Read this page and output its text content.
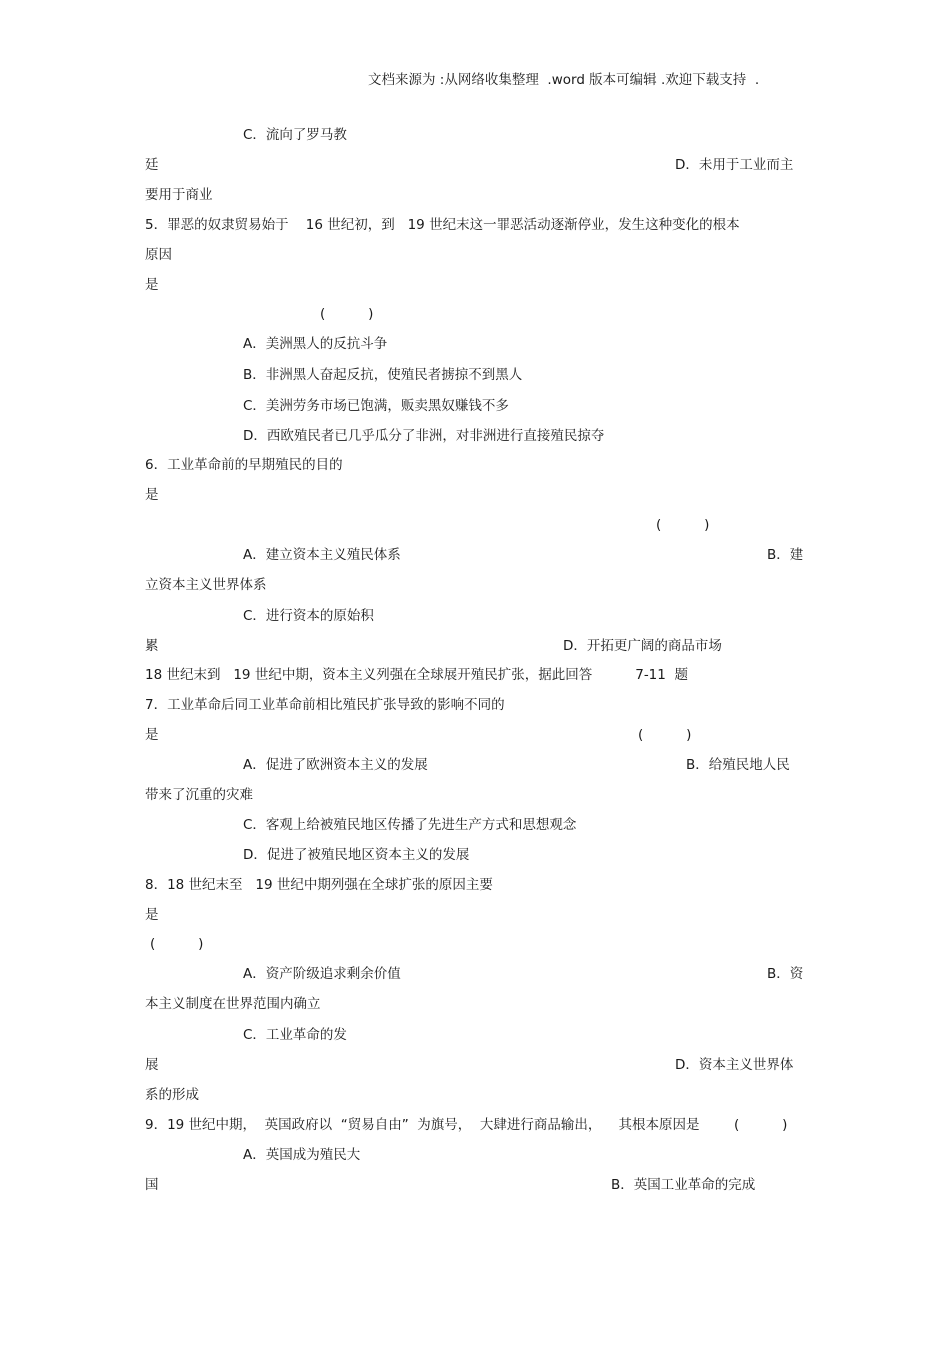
文档来源为 :从网络收集整理  .word 版本可编辑 .欢迎下载支持  .
C．流向了罗马教
廷	D．未用于工业而主
要用于商业
5．罪恶的奴隶贸易始于    16 世纪初，到   19 世纪末这一罪恶活动逐渐停业，发生这种变化的根本
原因
是
(          )
A．美洲黑人的反抗斗争
B．非洲黑人奋起反抗，使殖民者掳掠不到黑人
C．美洲劳务市场已饱满，贩卖黑奴赚钱不多
D．西欧殖民者已几乎瓜分了非洲，对非洲进行直接殖民掠夺
6．工业革命前的早期殖民的目的
是
(          )
A．建立资本主义殖民体系	B．建
立资本主义世界体系
C．进行资本的原始积
累	D．开拓更广阔的商品市场
18 世纪末到   19 世纪中期，资本主义列强在全球展开殖民扩张，据此回答          7-11  题
7．工业革命后同工业革命前相比殖民扩张导致的影响不同的
是	(          )
A．促进了欧洲资本主义的发展	B．给殖民地人民
带来了沉重的灾难
C．客观上给被殖民地区传播了先进生产方式和思想观念
D．促进了被殖民地区资本主义的发展
8．18 世纪末至   19 世纪中期列强在全球扩张的原因主要
是
(          )
A．资产阶级追求剩余价值	B．资
本主义制度在世界范围内确立
C．工业革命的发
展	D．资本主义世界体
系的形成
9．19 世纪中期，  英国政府以  “贸易自由”  为旗号，  大肆进行商品输出，    其根本原因是	(          )
A．英国成为殖民大
国	B．英国工业革命的完成
